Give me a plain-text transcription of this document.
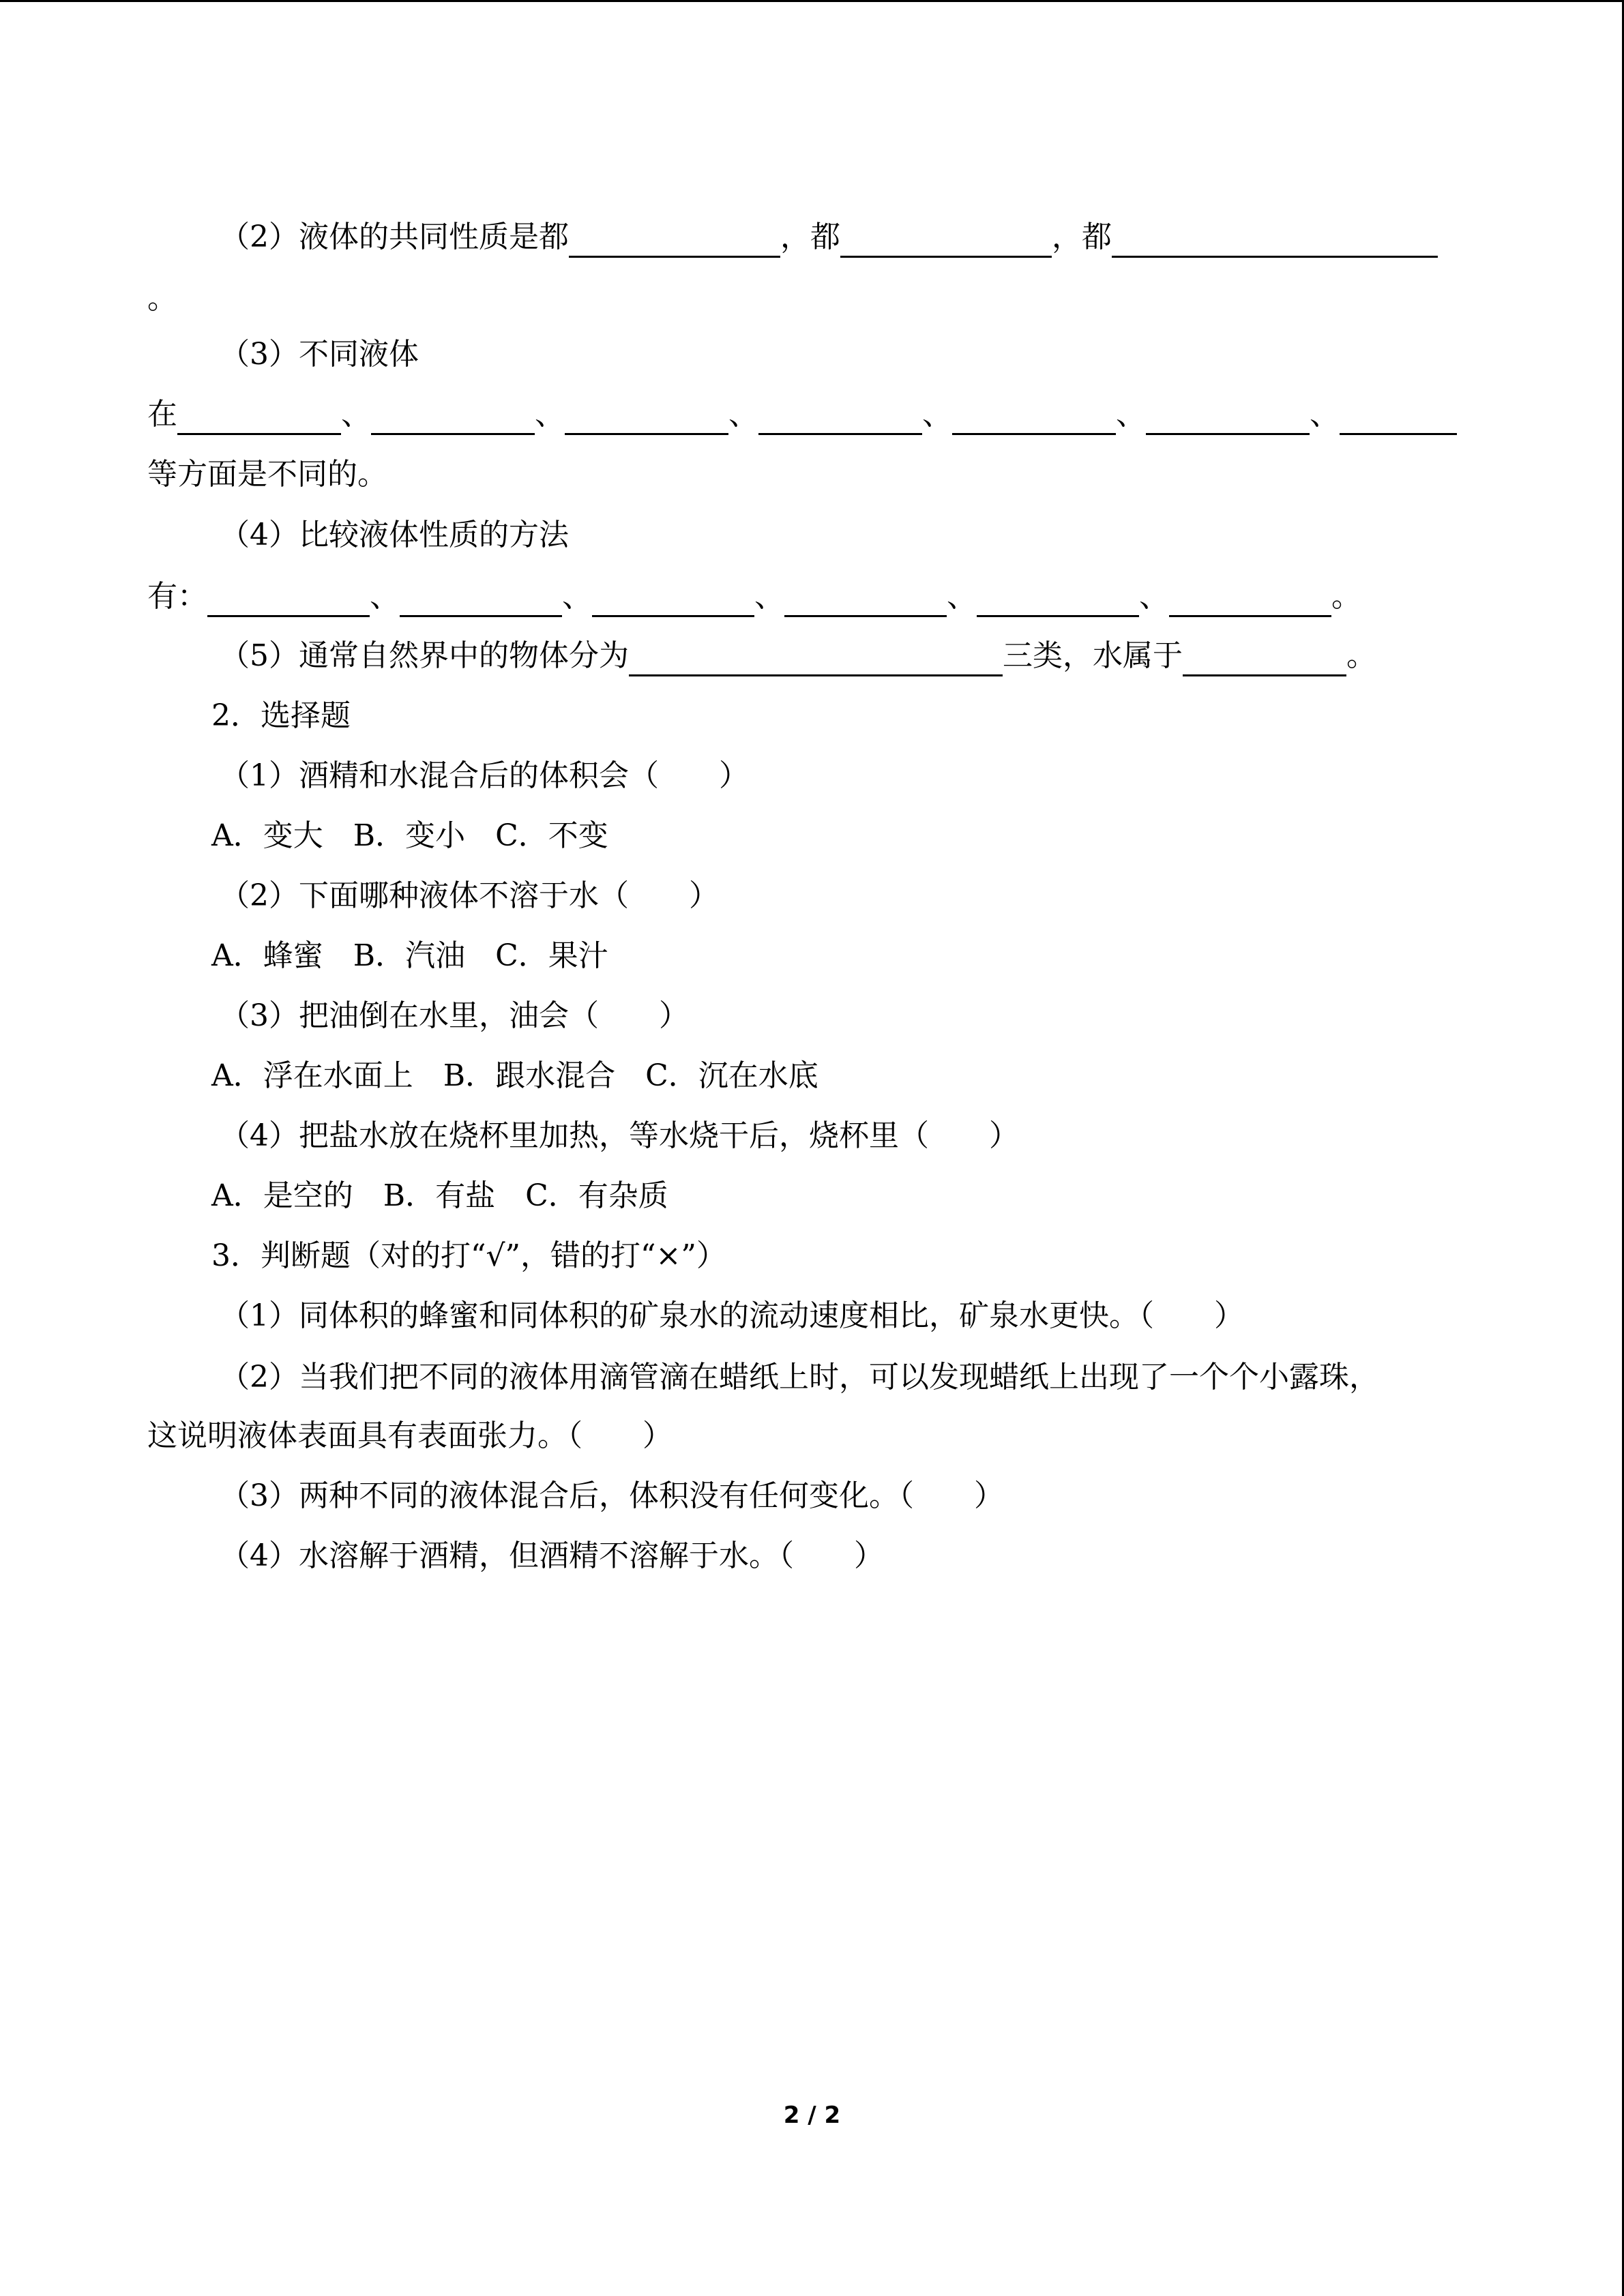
（2）液体的共同性质是都	，都	，都
。
（3）不同液体
在	、	、	、	、	、	、
等方面是不同的。
（4）比较液体性质的方法
有：	、	、	、	、	、	。
（5）通常自然界中的物体分为	三类，水属于	。
2．选择题
（1）酒精和水混合后的体积会（　　）
A．变大　B．变小　C．不变
（2）下面哪种液体不溶于水（　　）
A．蜂蜜　B．汽油　C．果汁
（3）把油倒在水里，油会（　　）
A．浮在水面上　B．跟水混合　C．沉在水底
（4）把盐水放在烧杯里加热，等水烧干后，烧杯里（　　）
A．是空的　B．有盐　C．有杂质
3．判断题（对的打“√”，错的打“×”）
（1）同体积的蜂蜜和同体积的矿泉水的流动速度相比，矿泉水更快。（　　）
（2）当我们把不同的液体用滴管滴在蜡纸上时，可以发现蜡纸上出现了一个个小露珠，
这说明液体表面具有表面张力。（　　）
（3）两种不同的液体混合后，体积没有任何变化。（　　）
（4）水溶解于酒精，但酒精不溶解于水。（　　）
2 / 2
